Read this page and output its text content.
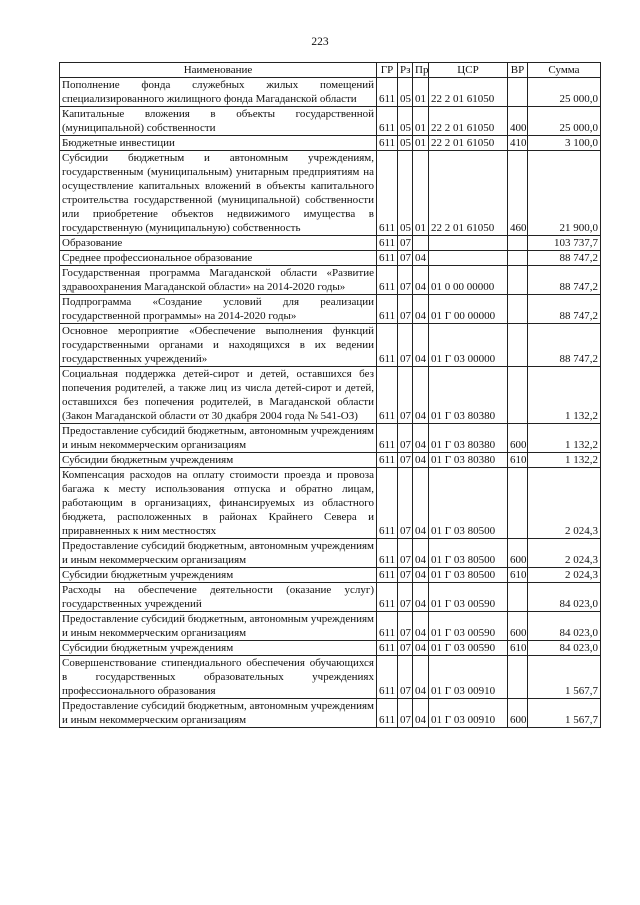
223
Наименование	ГР	Рз	Пр	ЦСР	ВР	Сумма
Пополнение фонда служебных жилых помещений специализированного жилищного фонда Магаданской области	611	05	01	22 2 01 61050		25 000,0
Капитальные вложения в объекты государственной (муниципальной) собственности	611	05	01	22 2 01 61050	400	25 000,0
Бюджетные инвестиции	611	05	01	22 2 01 61050	410	3 100,0
Субсидии бюджетным и автономным учреждениям, государственным (муниципальным) унитарным предприятиям на осуществление капитальных вложений в объекты капитального строительства государственной (муниципальной) собственности или приобретение объектов недвижимого имущества в государственную (муниципальную) собственность	611	05	01	22 2 01 61050	460	21 900,0
Образование	611	07				103 737,7
Среднее профессиональное образование	611	07	04			88 747,2
Государственная программа Магаданской области «Развитие здравоохранения Магаданской области» на 2014-2020 годы»	611	07	04	01 0 00 00000		88 747,2
Подпрограмма «Создание условий для реализации государственной программы» на 2014-2020 годы»	611	07	04	01 Г 00 00000		88 747,2
Основное мероприятие «Обеспечение выполнения функций государственными органами и находящихся в их ведении государственных учреждений»	611	07	04	01 Г 03 00000		88 747,2
Социальная поддержка детей-сирот и детей, оставшихся без попечения родителей, а также лиц из числа детей-сирот и детей, оставшихся без попечения родителей, в Магаданской области (Закон Магаданской области от 30 дкабря 2004 года № 541-ОЗ)	611	07	04	01 Г 03 80380		1 132,2
Предоставление субсидий бюджетным, автономным учреждениям и иным некоммерческим организациям	611	07	04	01 Г 03 80380	600	1 132,2
Субсидии бюджетным учреждениям	611	07	04	01 Г 03 80380	610	1 132,2
Компенсация расходов на оплату стоимости проезда и провоза багажа к месту использования отпуска и обратно лицам, работающим в организациях, финансируемых из областного бюджета, расположенных в районах Крайнего Севера и приравненных к ним местностях	611	07	04	01 Г 03 80500		2 024,3
Предоставление субсидий бюджетным, автономным учреждениям и иным некоммерческим организациям	611	07	04	01 Г 03 80500	600	2 024,3
Субсидии бюджетным учреждениям	611	07	04	01 Г 03 80500	610	2 024,3
Расходы на обеспечение деятельности (оказание услуг) государственных учреждений	611	07	04	01 Г 03 00590		84 023,0
Предоставление субсидий бюджетным, автономным учреждениям и иным некоммерческим организациям	611	07	04	01 Г 03 00590	600	84 023,0
Субсидии бюджетным учреждениям	611	07	04	01 Г 03 00590	610	84 023,0
Совершенствование стипендиального обеспечения обучающихся в государственных образовательных учреждениях профессионального образования	611	07	04	01 Г 03 00910		1 567,7
Предоставление субсидий бюджетным, автономным учреждениям и иным некоммерческим организациям	611	07	04	01 Г 03 00910	600	1 567,7
